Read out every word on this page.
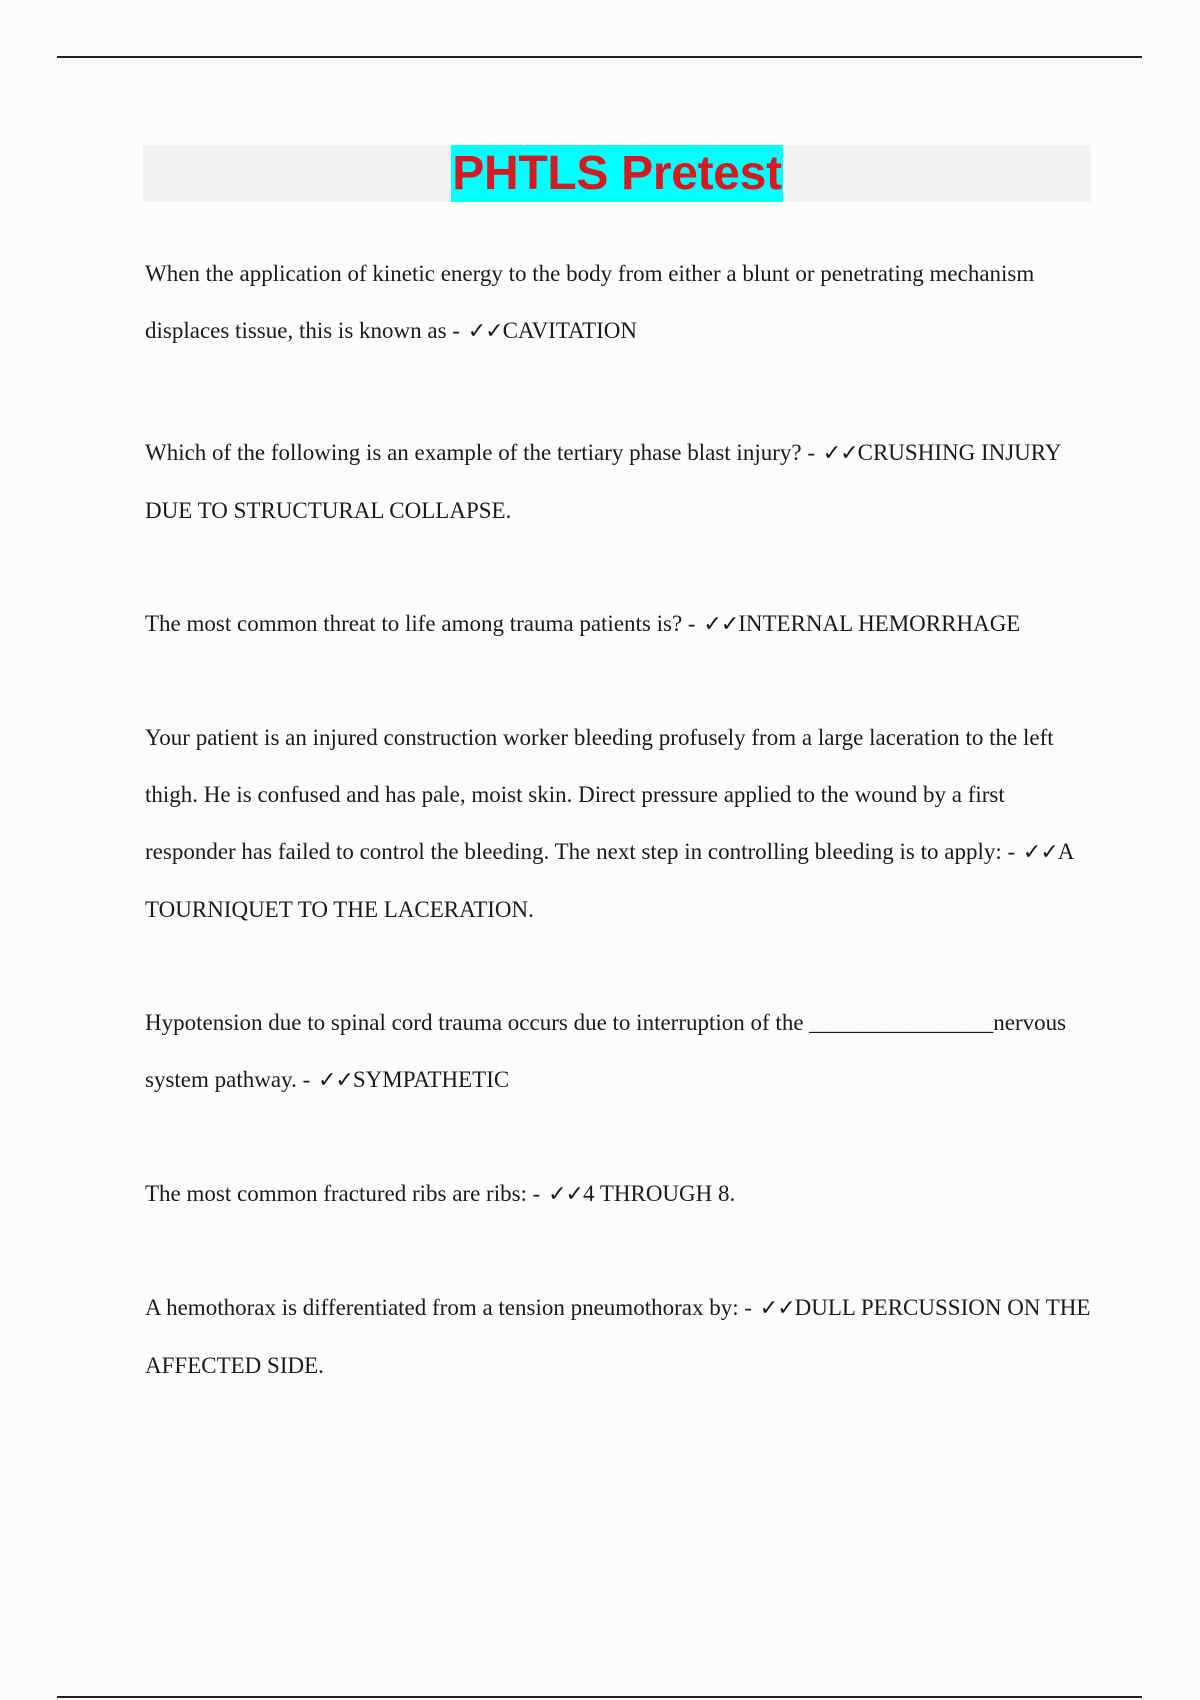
PHTLS Pretest

When the application of kinetic energy to the body from either a blunt or penetrating mechanism displaces tissue, this is known as - ✓✓CAVITATION

Which of the following is an example of the tertiary phase blast injury? - ✓✓CRUSHING INJURY DUE TO STRUCTURAL COLLAPSE.

The most common threat to life among trauma patients is? - ✓✓INTERNAL HEMORRHAGE

Your patient is an injured construction worker bleeding profusely from a large laceration to the left thigh. He is confused and has pale, moist skin. Direct pressure applied to the wound by a first responder has failed to control the bleeding. The next step in controlling bleeding is to apply: - ✓✓A TOURNIQUET TO THE LACERATION.

Hypotension due to spinal cord trauma occurs due to interruption of the ________________nervous system pathway. - ✓✓SYMPATHETIC

The most common fractured ribs are ribs: - ✓✓4 THROUGH 8.

A hemothorax is differentiated from a tension pneumothorax by: - ✓✓DULL PERCUSSION ON THE AFFECTED SIDE.
